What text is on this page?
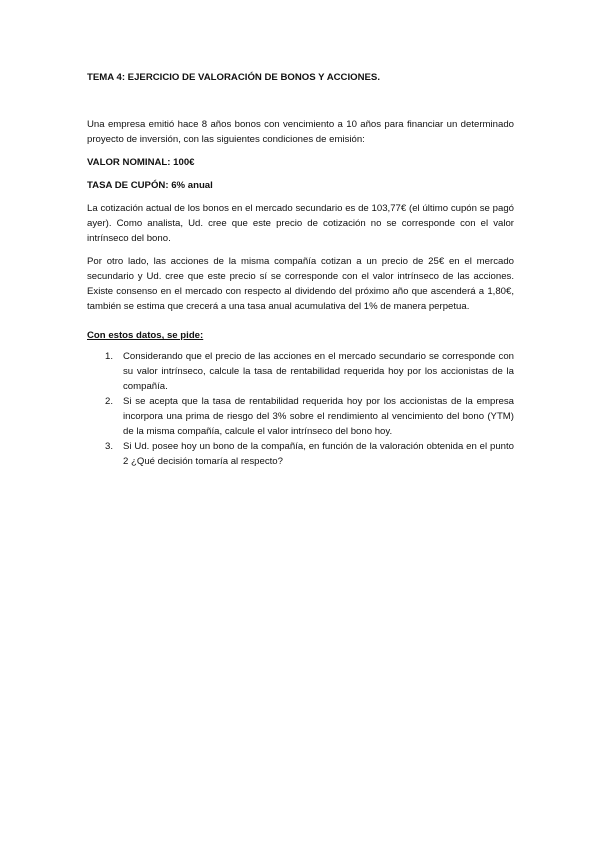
TEMA 4: EJERCICIO DE VALORACIÓN DE BONOS Y ACCIONES.
Una empresa emitió hace 8 años bonos con vencimiento a 10 años para financiar un determinado proyecto de inversión, con las siguientes condiciones de emisión:
VALOR NOMINAL: 100€
TASA DE CUPÓN: 6% anual
La cotización actual de los bonos en el mercado secundario es de 103,77€ (el último cupón se pagó ayer). Como analista, Ud. cree que este precio de cotización no se corresponde con el valor intrínseco del bono.
Por otro lado, las acciones de la misma compañía cotizan a un precio de 25€ en el mercado secundario y Ud. cree que este precio sí se corresponde con el valor intrínseco de las acciones. Existe consenso en el mercado con respecto al dividendo del próximo año que ascenderá a 1,80€, también se estima que crecerá a una tasa anual acumulativa del 1% de manera perpetua.
Con estos datos, se pide:
1.	Considerando que el precio de las acciones en el mercado secundario se corresponde con su valor intrínseco, calcule la tasa de rentabilidad requerida hoy por los accionistas de la compañía.
2.	Si se acepta que la tasa de rentabilidad requerida hoy por los accionistas de la empresa incorpora una prima de riesgo del 3% sobre el rendimiento al vencimiento del bono (YTM) de la misma compañía, calcule el valor intrínseco del bono hoy.
3.	Si Ud. posee hoy un bono de la compañía, en función de la valoración obtenida en el punto 2 ¿Qué decisión tomaría al respecto?
